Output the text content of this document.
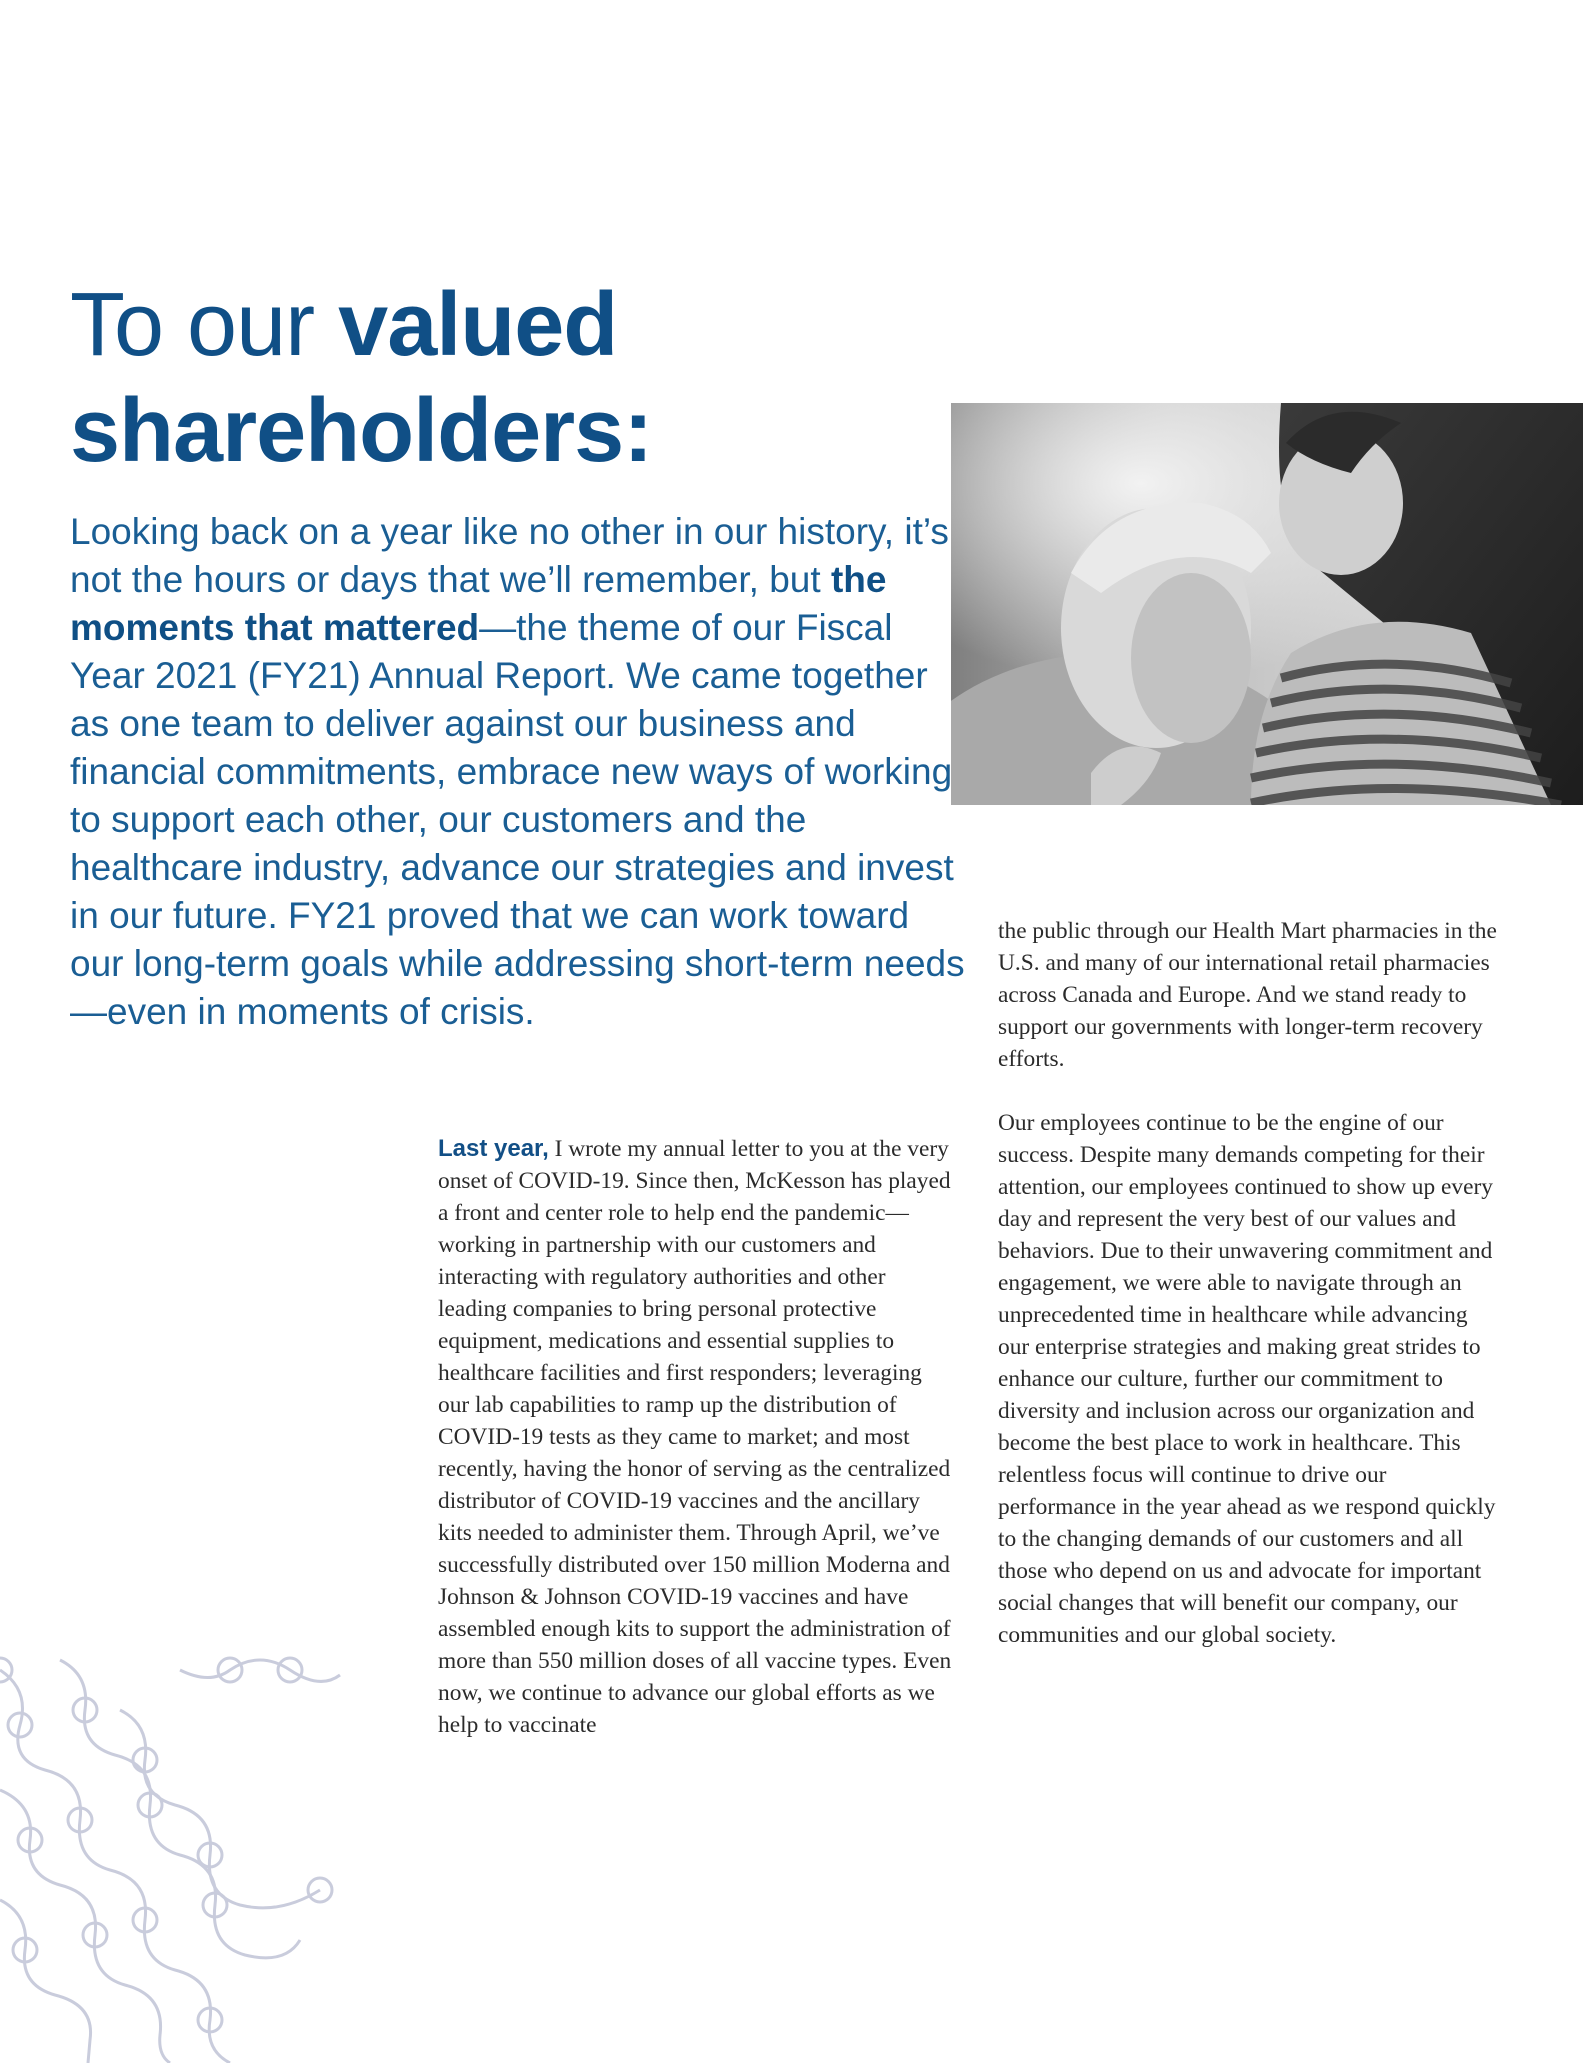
To our valued
shareholders:

Looking back on a year like no other in our history, it’s not the hours or days that we’ll remember, but the moments that mattered—the theme of our Fiscal Year 2021 (FY21) Annual Report. We came together as one team to deliver against our business and financial commitments, embrace new ways of working to support each other, our customers and the healthcare industry, advance our strategies and invest in our future. FY21 proved that we can work toward our long-term goals while addressing short-term needs—even in moments of crisis.

Last year, I wrote my annual letter to you at the very onset of COVID-19. Since then, McKesson has played a front and center role to help end the pandemic—working in partnership with our customers and interacting with regulatory authorities and other leading companies to bring personal protective equipment, medications and essential supplies to healthcare facilities and first responders; leveraging our lab capabilities to ramp up the distribution of COVID-19 tests as they came to market; and most recently, having the honor of serving as the centralized distributor of COVID-19 vaccines and the ancillary kits needed to administer them. Through April, we’ve successfully distributed over 150 million Moderna and Johnson & Johnson COVID-19 vaccines and have assembled enough kits to support the administration of more than 550 million doses of all vaccine types. Even now, we continue to advance our global efforts as we help to vaccinate

the public through our Health Mart pharmacies in the U.S. and many of our international retail pharmacies across Canada and Europe. And we stand ready to support our governments with longer-term recovery efforts.

Our employees continue to be the engine of our success. Despite many demands competing for their attention, our employees continued to show up every day and represent the very best of our values and behaviors. Due to their unwavering commitment and engagement, we were able to navigate through an unprecedented time in healthcare while advancing our enterprise strategies and making great strides to enhance our culture, further our commitment to diversity and inclusion across our organization and become the best place to work in healthcare. This relentless focus will continue to drive our performance in the year ahead as we respond quickly to the changing demands of our customers and all those who depend on us and advocate for important social changes that will benefit our company, our communities and our global society.
